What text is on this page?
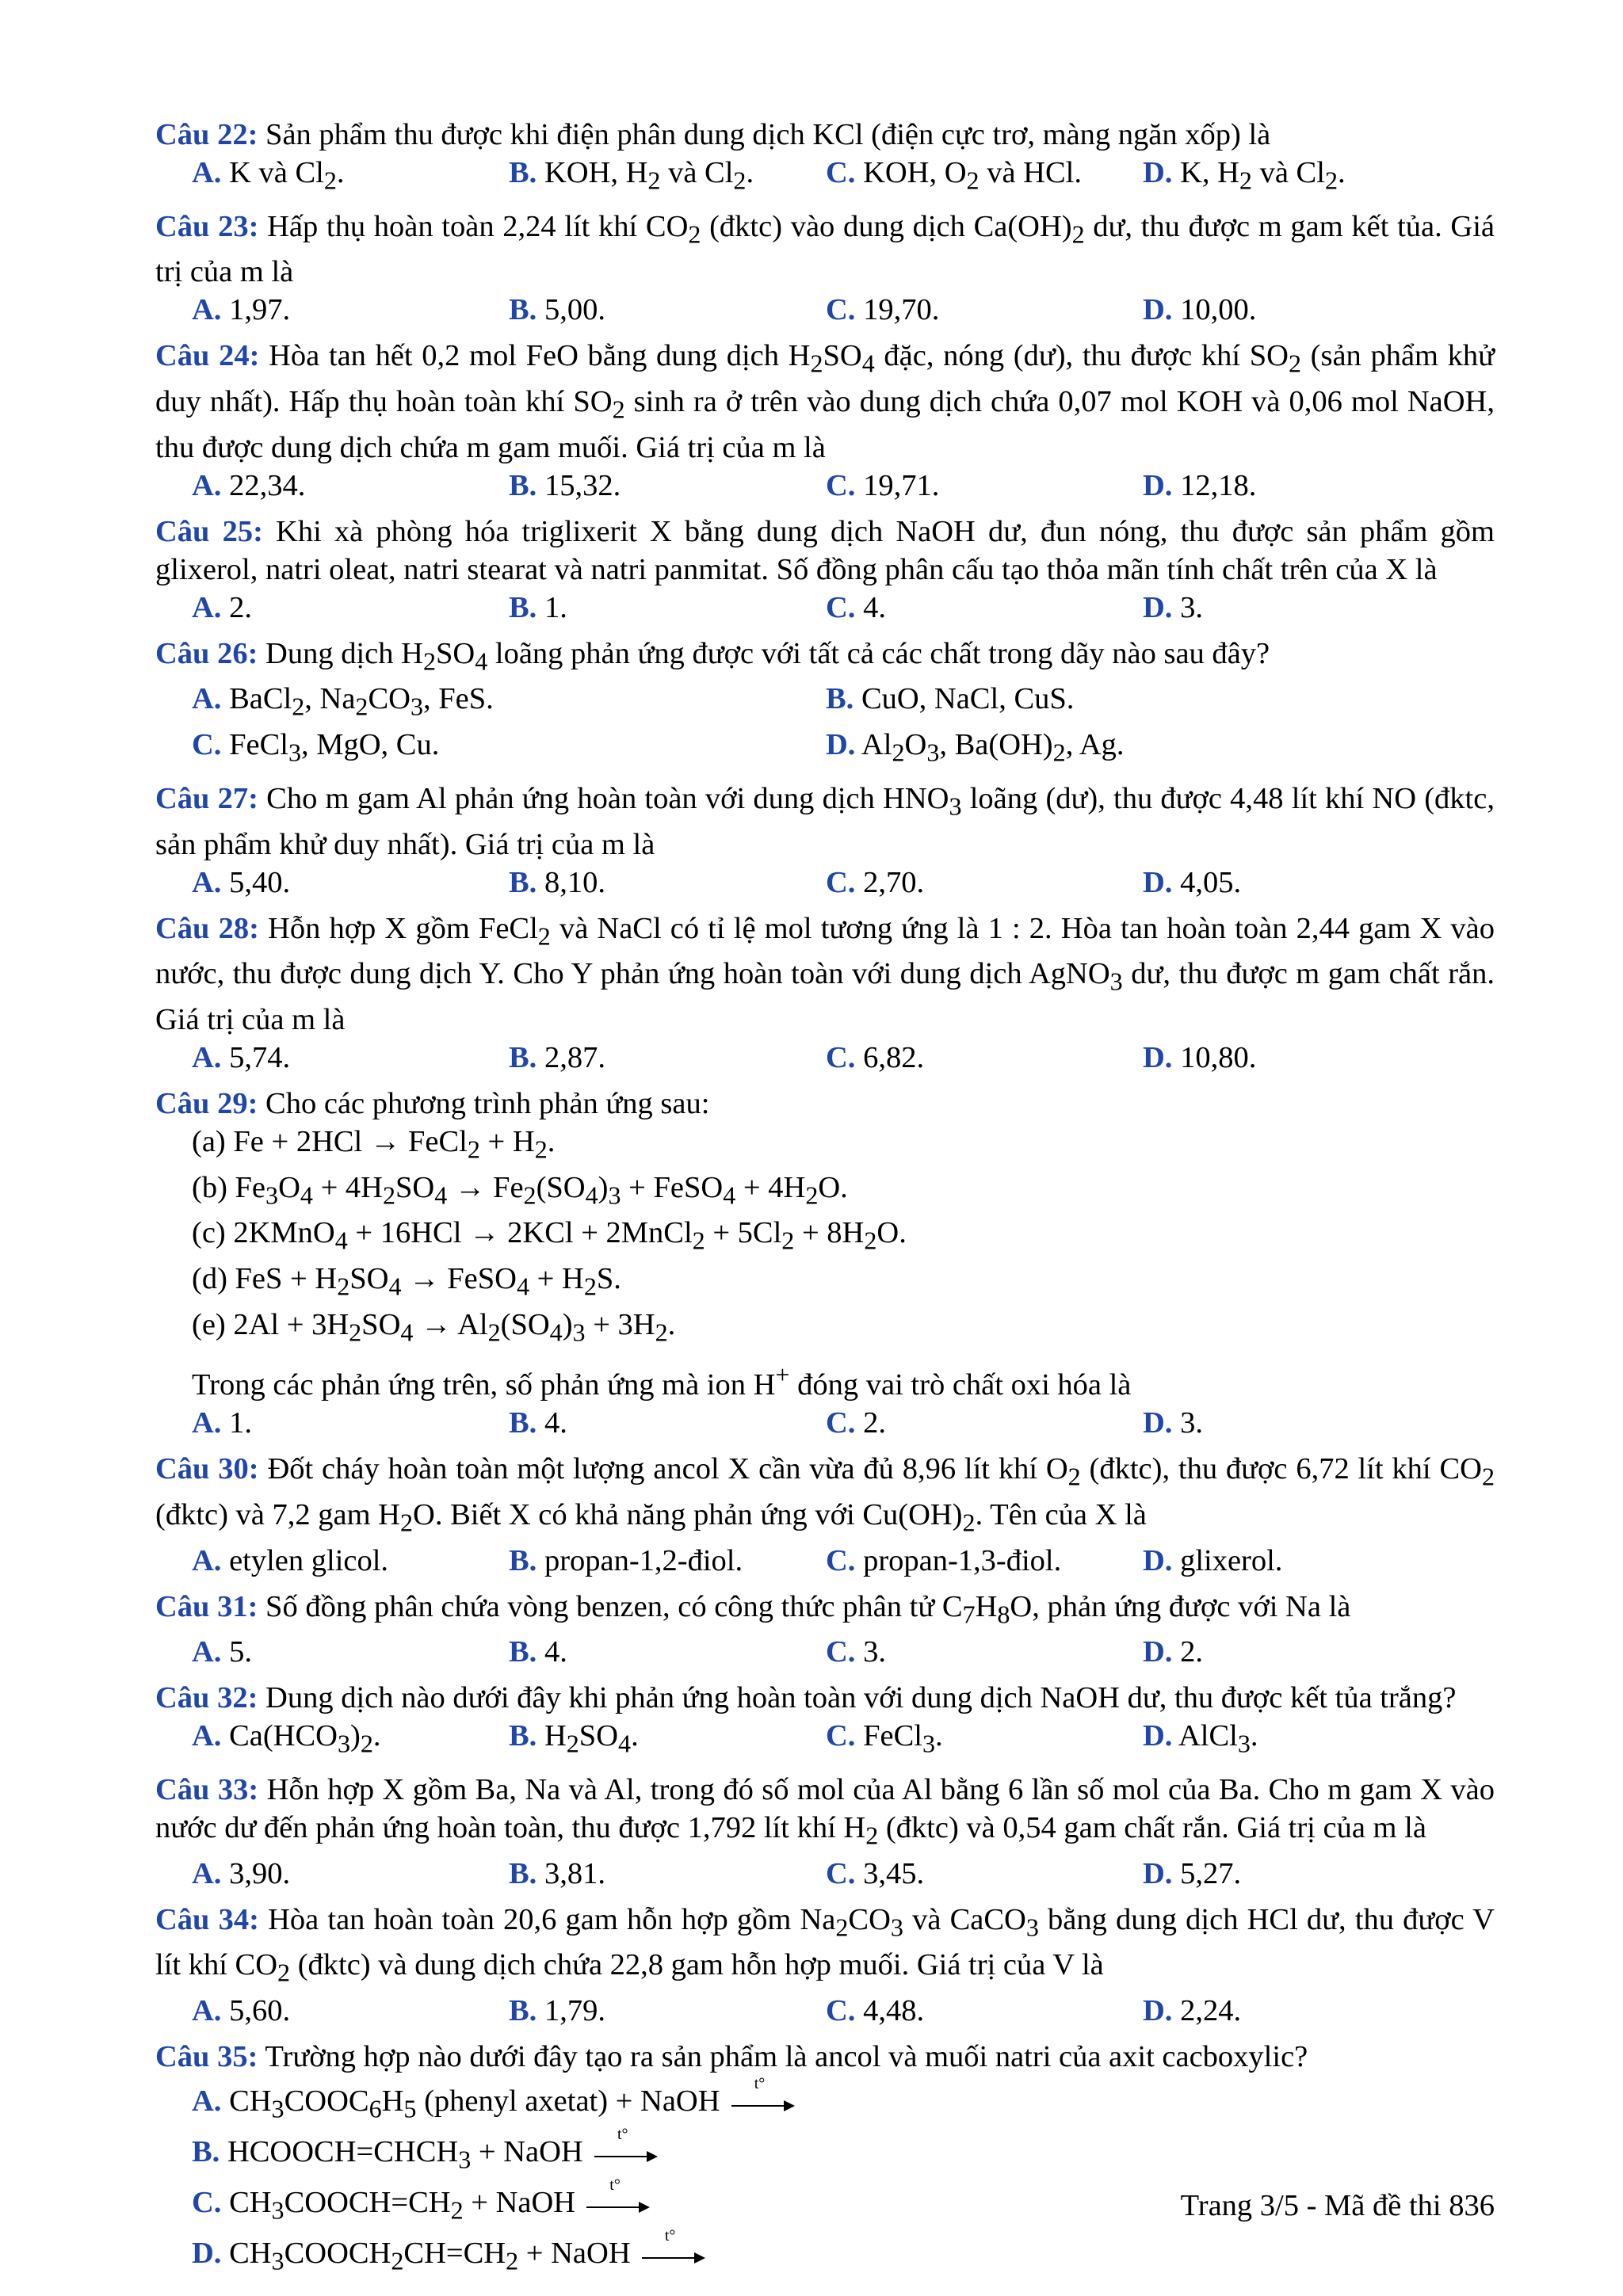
Câu 22: Sản phẩm thu được khi điện phân dung dịch KCl (điện cực trơ, màng ngăn xốp) là
A. K và $Cl_2$.	B. KOH, $H_2$ và $Cl_2$.	C. KOH, $O_2$ và HCl.	D. K, $H_2$ và $Cl_2$.
Câu 23: Hấp thụ hoàn toàn 2,24 lít khí $CO_2$ (đktc) vào dung dịch $Ca(OH)_2$ dư, thu được m gam kết tủa. Giá trị của m là
A. 1,97.	B. 5,00.	C. 19,70.	D. 10,00.
Câu 24: Hòa tan hết 0,2 mol FeO bằng dung dịch $H_2SO_4$ đặc, nóng (dư), thu được khí $SO_2$ (sản phẩm khử duy nhất). Hấp thụ hoàn toàn khí $SO_2$ sinh ra ở trên vào dung dịch chứa 0,07 mol KOH và 0,06 mol NaOH, thu được dung dịch chứa m gam muối. Giá trị của m là
A. 22,34.	B. 15,32.	C. 19,71.	D. 12,18.
Câu 25: Khi xà phòng hóa triglixerit X bằng dung dịch NaOH dư, đun nóng, thu được sản phẩm gồm glixerol, natri oleat, natri stearat và natri panmitat. Số đồng phân cấu tạo thỏa mãn tính chất trên của X là
A. 2.	B. 1.	C. 4.	D. 3.
Câu 26: Dung dịch $H_2SO_4$ loãng phản ứng được với tất cả các chất trong dãy nào sau đây?
A. BaCl$_2$, $Na_2CO_3$, FeS.	B. CuO, NaCl, CuS.
C. FeCl$_3$, MgO, Cu.	D. $Al_2O_3$, $Ba(OH)_2$, Ag.
Câu 27: Cho m gam Al phản ứng hoàn toàn với dung dịch $HNO_3$ loãng (dư), thu được 4,48 lít khí NO (đktc, sản phẩm khử duy nhất). Giá trị của m là
A. 5,40.	B. 8,10.	C. 2,70.	D. 4,05.
Câu 28: Hỗn hợp X gồm FeCl$_2$ và NaCl có tỉ lệ mol tương ứng là 1 : 2. Hòa tan hoàn toàn 2,44 gam X vào nước, thu được dung dịch Y. Cho Y phản ứng hoàn toàn với dung dịch AgNO$_3$ dư, thu được m gam chất rắn. Giá trị của m là
A. 5,74.	B. 2,87.	C. 6,82.	D. 10,80.
Câu 29: Cho các phương trình phản ứng sau:
(a) Fe + 2HCl → FeCl$_2$ + $H_2$.
(b) $Fe_3O_4 + 4H_2SO_4 \to Fe_2(SO_4)_3$ + FeSO$_4$ + $4H_2O$.
(c) 2KMnO$_4$ + 16HCl → 2KCl + 2MnCl$_2$ + $5Cl_2 + 8H_2O$.
(d) FeS + $H_2SO_4$ → FeSO$_4$ + $H_2S$.
(e) $2Al + 3H_2SO_4 \to Al_2(SO_4)_3 + 3H_2$.
Trong các phản ứng trên, số phản ứng mà ion H+ đóng vai trò chất oxi hóa là
A. 1.	B. 4.	C. 2.	D. 3.
Câu 30: Đốt cháy hoàn toàn một lượng ancol X cần vừa đủ 8,96 lít khí $O_2$ (đktc), thu được 6,72 lít khí $CO_2$ (đktc) và 7,2 gam $H_2O$. Biết X có khả năng phản ứng với $Cu(OH)_2$. Tên của X là
A. etylen glicol.	B. propan-1,2-điol.	C. propan-1,3-điol.	D. glixerol.
Câu 31: Số đồng phân chứa vòng benzen, có công thức phân tử $C_7H_8O$, phản ứng được với Na là
A. 5.	B. 4.	C. 3.	D. 2.
Câu 32: Dung dịch nào dưới đây khi phản ứng hoàn toàn với dung dịch NaOH dư, thu được kết tủa trắng?
A. $Ca(HCO_3)_2$.	B. $H_2SO_4$.	C. FeCl$_3$.	D. AlCl$_3$.
Câu 33: Hỗn hợp X gồm Ba, Na và Al, trong đó số mol của Al bằng 6 lần số mol của Ba. Cho m gam X vào nước dư đến phản ứng hoàn toàn, thu được 1,792 lít khí $H_2$ (đktc) và 0,54 gam chất rắn. Giá trị của m là
A. 3,90.	B. 3,81.	C. 3,45.	D. 5,27.
Câu 34: Hòa tan hoàn toàn 20,6 gam hỗn hợp gồm $Na_2CO_3$ và CaCO$_3$ bằng dung dịch HCl dư, thu được V lít khí $CO_2$ (đktc) và dung dịch chứa 22,8 gam hỗn hợp muối. Giá trị của V là
A. 5,60.	B. 1,79.	C. 4,48.	D. 2,24.
Câu 35: Trường hợp nào dưới đây tạo ra sản phẩm là ancol và muối natri của axit cacboxylic?
A. $CH_3COOC_6H_5$ (phenyl axetat) + NaOH
t°
B. $HCOOCH=CHCH_3$ + NaOH
t°
C. $CH_3COOCH=CH_2$ + NaOH
t°
D. $CH_3COOCH_2CH=CH_2$ + NaOH
t°
Trang 3/5 - Mã đề thi 836
